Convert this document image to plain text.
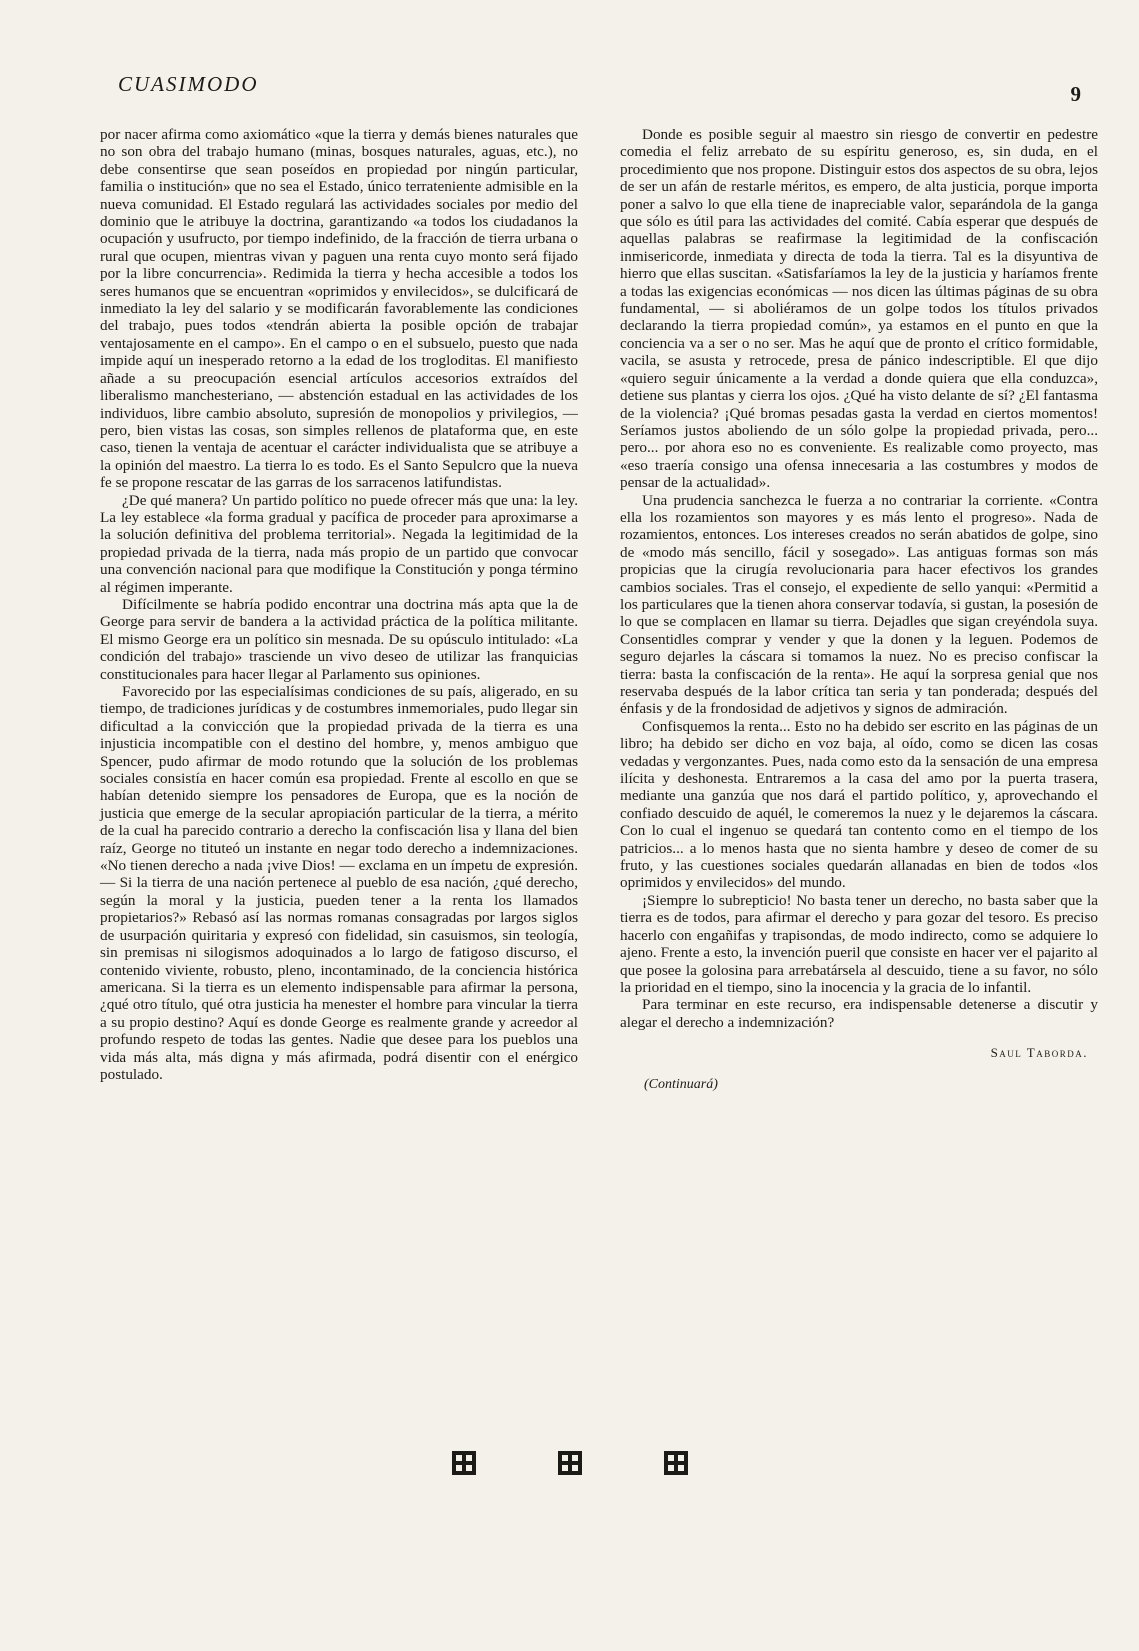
CUASIMODO	9

por nacer afirma como axiomático «que la tierra y demás bienes naturales que no son obra del trabajo humano (minas, bosques naturales, aguas, etc.), no debe consentirse que sean poseídos en propiedad por ningún particular, familia o institución» que no sea el Estado, único terrateniente admisible en la nueva comunidad. El Estado regulará las actividades sociales por medio del dominio que le atribuye la doctrina, garantizando «a todos los ciudadanos la ocupación y usufructo, por tiempo indefinido, de la fracción de tierra urbana o rural que ocupen, mientras vivan y paguen una renta cuyo monto será fijado por la libre concurrencia». Redimida la tierra y hecha accesible a todos los seres humanos que se encuentran «oprimidos y envilecidos», se dulcificará de inmediato la ley del salario y se modificarán favorablemente las condiciones del trabajo, pues todos «tendrán abierta la posible opción de trabajar ventajosamente en el campo». En el campo o en el subsuelo, puesto que nada impide aquí un inesperado retorno a la edad de los trogloditas. El manifiesto añade a su preocupación esencial artículos accesorios extraídos del liberalismo manchesteriano, — abstención estadual en las actividades de los individuos, libre cambio absoluto, supresión de monopolios y privilegios, — pero, bien vistas las cosas, son simples rellenos de plataforma que, en este caso, tienen la ventaja de acentuar el carácter individualista que se atribuye a la opinión del maestro. La tierra lo es todo. Es el Santo Sepulcro que la nueva fe se propone rescatar de las garras de los sarracenos latifundistas.

¿De qué manera? Un partido político no puede ofrecer más que una: la ley. La ley establece «la forma gradual y pacífica de proceder para aproximarse a la solución definitiva del problema territorial». Negada la legitimidad de la propiedad privada de la tierra, nada más propio de un partido que convocar una convención nacional para que modifique la Constitución y ponga término al régimen imperante.

Difícilmente se habría podido encontrar una doctrina más apta que la de George para servir de bandera a la actividad práctica de la política militante. El mismo George era un político sin mesnada. De su opúsculo intitulado: «La condición del trabajo» trasciende un vivo deseo de utilizar las franquicias constitucionales para hacer llegar al Parlamento sus opiniones.

Favorecido por las especialísimas condiciones de su país, aligerado, en su tiempo, de tradiciones jurídicas y de costumbres inmemoriales, pudo llegar sin dificultad a la convicción que la propiedad privada de la tierra es una injusticia incompatible con el destino del hombre, y, menos ambiguo que Spencer, pudo afirmar de modo rotundo que la solución de los problemas sociales consistía en hacer común esa propiedad. Frente al escollo en que se habían detenido siempre los pensadores de Europa, que es la noción de justicia que emerge de la secular apropiación particular de la tierra, a mérito de la cual ha parecido contrario a derecho la confiscación lisa y llana del bien raíz, George no tituteó un instante en negar todo derecho a indemnizaciones. «No tienen derecho a nada ¡vive Dios! — exclama en un ímpetu de expresión. — Si la tierra de una nación pertenece al pueblo de esa nación, ¿qué derecho, según la moral y la justicia, pueden tener a la renta los llamados propietarios?» Rebasó así las normas romanas consagradas por largos siglos de usurpación quiritaria y expresó con fidelidad, sin casuismos, sin teología, sin premisas ni silogismos adoquinados a lo largo de fatigoso discurso, el contenido viviente, robusto, pleno, incontaminado, de la conciencia histórica americana. Si la tierra es un elemento indispensable para afirmar la persona, ¿qué otro título, qué otra justicia ha menester el hombre para vincular la tierra a su propio destino? Aquí es donde George es realmente grande y acreedor al profundo respeto de todas las gentes. Nadie que desee para los pueblos una vida más alta, más digna y más afirmada, podrá disentir con el enérgico postulado.

Donde es posible seguir al maestro sin riesgo de convertir en pedestre comedia el feliz arrebato de su espíritu generoso, es, sin duda, en el procedimiento que nos propone. Distinguir estos dos aspectos de su obra, lejos de ser un afán de restarle méritos, es empero, de alta justicia, porque importa poner a salvo lo que ella tiene de inapreciable valor, separándola de la ganga que sólo es útil para las actividades del comité. Cabía esperar que después de aquellas palabras se reafirmase la legitimidad de la confiscación inmisericorde, inmediata y directa de toda la tierra. Tal es la disyuntiva de hierro que ellas suscitan. «Satisfaríamos la ley de la justicia y haríamos frente a todas las exigencias económicas — nos dicen las últimas páginas de su obra fundamental, — si aboliéramos de un golpe todos los títulos privados declarando la tierra propiedad común», ya estamos en el punto en que la conciencia va a ser o no ser. Mas he aquí que de pronto el crítico formidable, vacila, se asusta y retrocede, presa de pánico indescriptible. El que dijo «quiero seguir únicamente a la verdad a donde quiera que ella conduzca», detiene sus plantas y cierra los ojos. ¿Qué ha visto delante de sí? ¿El fantasma de la violencia? ¡Qué bromas pesadas gasta la verdad en ciertos momentos! Seríamos justos aboliendo de un sólo golpe la propiedad privada, pero... pero... por ahora eso no es conveniente. Es realizable como proyecto, mas «eso traería consigo una ofensa innecesaria a las costumbres y modos de pensar de la actualidad».

Una prudencia sanchezca le fuerza a no contrariar la corriente. «Contra ella los rozamientos son mayores y es más lento el progreso». Nada de rozamientos, entonces. Los intereses creados no serán abatidos de golpe, sino de «modo más sencillo, fácil y sosegado». Las antiguas formas son más propicias que la cirugía revolucionaria para hacer efectivos los grandes cambios sociales. Tras el consejo, el expediente de sello yanqui: «Permitid a los particulares que la tienen ahora conservar todavía, si gustan, la posesión de lo que se complacen en llamar su tierra. Dejadles que sigan creyéndola suya. Consentidles comprar y vender y que la donen y la leguen. Podemos de seguro dejarles la cáscara si tomamos la nuez. No es preciso confiscar la tierra: basta la confiscación de la renta». He aquí la sorpresa genial que nos reservaba después de la labor crítica tan seria y tan ponderada; después del énfasis y de la frondosidad de adjetivos y signos de admiración.

Confisquemos la renta... Esto no ha debido ser escrito en las páginas de un libro; ha debido ser dicho en voz baja, al oído, como se dicen las cosas vedadas y vergonzantes. Pues, nada como esto da la sensación de una empresa ilícita y deshonesta. Entraremos a la casa del amo por la puerta trasera, mediante una ganzúa que nos dará el partido político, y, aprovechando el confiado descuido de aquél, le comeremos la nuez y le dejaremos la cáscara. Con lo cual el ingenuo se quedará tan contento como en el tiempo de los patricios... a lo menos hasta que no sienta hambre y deseo de comer de su fruto, y las cuestiones sociales quedarán allanadas en bien de todos «los oprimidos y envilecidos» del mundo.

¡Siempre lo subrepticio! No basta tener un derecho, no basta saber que la tierra es de todos, para afirmar el derecho y para gozar del tesoro. Es preciso hacerlo con engañifas y trapisondas, de modo indirecto, como se adquiere lo ajeno. Frente a esto, la invención pueril que consiste en hacer ver el pajarito al que posee la golosina para arrebatársela al descuido, tiene a su favor, no sólo la prioridad en el tiempo, sino la inocencia y la gracia de lo infantil.

Para terminar en este recurso, era indispensable detenerse a discutir y alegar el derecho a indemnización?

Saul Taborda.
(Continuará)
